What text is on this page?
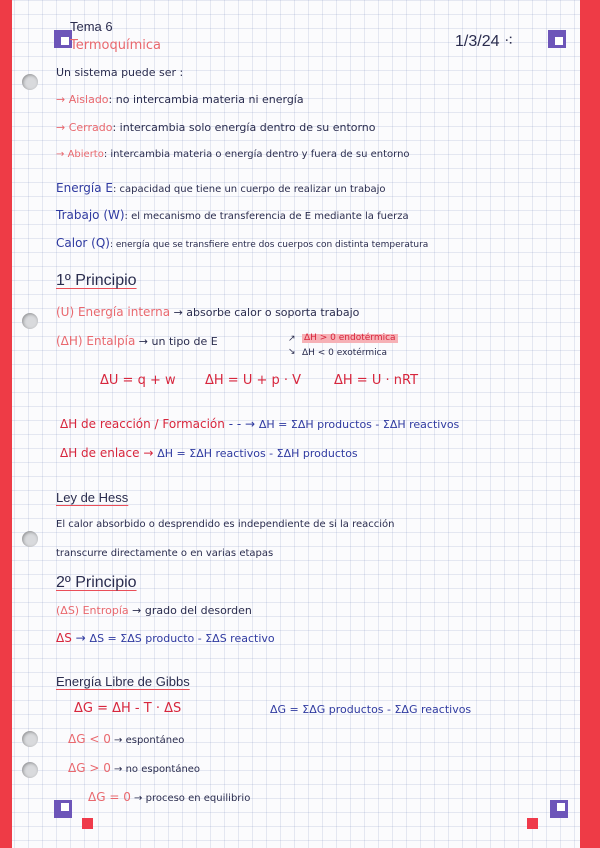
Tema 6
Termoquímica	1/3/24 ⁖
Un sistema puede ser :
→ Aislado: no intercambia materia ni energía
→ Cerrado: intercambia solo energía dentro de su entorno
→ Abierto: intercambia materia o energía dentro y fuera de su entorno
Energía E: capacidad que tiene un cuerpo de realizar un trabajo
Trabajo (W): el mecanismo de transferencia de E mediante la fuerza
Calor (Q): energía que se transfiere entre dos cuerpos con distinta temperatura
1º Principio
(U) Energía interna → absorbe calor o soporta trabajo
(ΔH) Entalpía → un tipo de E	↗
↘
ΔH > 0 endotérmica
ΔH < 0 exotérmica
ΔU = q + w ΔH = U + p · V	ΔH = U · nRT
ΔH de reacción / Formación - - → ΔH = ΣΔH productos - ΣΔH reactivos
ΔH de enlace → ΔH = ΣΔH reactivos - ΣΔH productos
Ley de Hess
El calor absorbido o desprendido es independiente de si la reacción
transcurre directamente o en varias etapas
2º Principio
(ΔS) Entropía → grado del desorden
ΔS → ΔS = ΣΔS producto - ΣΔS reactivo
Energía Libre de Gibbs
ΔG = ΔH - T · ΔS	ΔG = ΣΔG productos - ΣΔG reactivos
ΔG < 0 → espontáneo
ΔG > 0 → no espontáneo
ΔG = 0 → proceso en equilibrio
